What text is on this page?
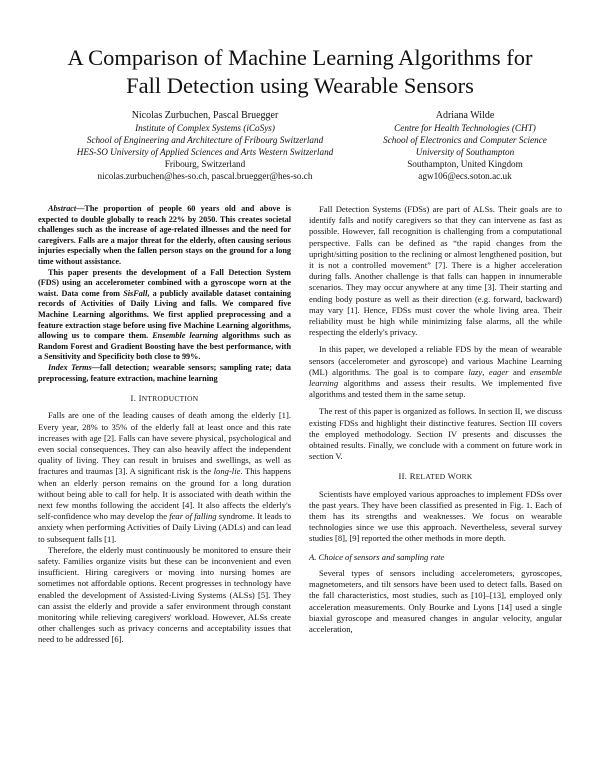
A Comparison of Machine Learning Algorithms for
Fall Detection using Wearable Sensors
Nicolas Zurbuchen, Pascal Bruegger
Institute of Complex Systems (iCoSys)
School of Engineering and Architecture of Fribourg Switzerland
HES-SO University of Applied Sciences and Arts Western Switzerland
Fribourg, Switzerland
nicolas.zurbuchen@hes-so.ch, pascal.bruegger@hes-so.ch
Adriana Wilde
Centre for Health Technologies (CHT)
School of Electronics and Computer Science
University of Southampton
Southampton, United Kingdom
agw106@ecs.soton.ac.uk

Abstract—The proportion of people 60 years old and above is expected to double globally to reach 22% by 2050. This creates societal challenges such as the increase of age-related illnesses and the need for caregivers. Falls are a major threat for the elderly, often causing serious injuries especially when the fallen person stays on the ground for a long time without assistance.

This paper presents the development of a Fall Detection System (FDS) using an accelerometer combined with a gyroscope worn at the waist. Data come from SisFall, a publicly available dataset containing records of Activities of Daily Living and falls. We compared five Machine Learning algorithms. We first applied preprocessing and a feature extraction stage before using five Machine Learning algorithms, allowing us to compare them. Ensemble learning algorithms such as Random Forest and Gradient Boosting have the best performance, with a Sensitivity and Specificity both close to 99%.

Index Terms—fall detection; wearable sensors; sampling rate; data preprocessing, feature extraction, machine learning

I. INTRODUCTION

Falls are one of the leading causes of death among the elderly [1]. Every year, 28% to 35% of the elderly fall at least once and this rate increases with age [2]. Falls can have severe physical, psychological and even social consequences. They can also heavily affect the independent quality of living. They can result in bruises and swellings, as well as fractures and traumas [3]. A significant risk is the long-lie. This happens when an elderly person remains on the ground for a long duration without being able to call for help. It is associated with death within the next few months following the accident [4]. It also affects the elderly's self-confidence who may develop the fear of falling syndrome. It leads to anxiety when performing Activities of Daily Living (ADLs) and can lead to subsequent falls [1].

Therefore, the elderly must continuously be monitored to ensure their safety. Families organize visits but these can be inconvenient and even insufficient. Hiring caregivers or moving into nursing homes are sometimes not affordable options. Recent progresses in technology have enabled the development of Assisted-Living Systems (ALSs) [5]. They can assist the elderly and provide a safer environment through constant monitoring while relieving caregivers' workload. However, ALSs create other challenges such as privacy concerns and acceptability issues that need to be addressed [6].

Fall Detection Systems (FDSs) are part of ALSs. Their goals are to identify falls and notify caregivers so that they can intervene as fast as possible. However, fall recognition is challenging from a computational perspective. Falls can be defined as “the rapid changes from the upright/sitting position to the reclining or almost lengthened position, but it is not a controlled movement” [7]. There is a higher acceleration during falls. Another challenge is that falls can happen in innumerable scenarios. They may occur anywhere at any time [3]. Their starting and ending body posture as well as their direction (e.g. forward, backward) may vary [1]. Hence, FDSs must cover the whole living area. Their reliability must be high while minimizing false alarms, all the while respecting the elderly's privacy.

In this paper, we developed a reliable FDS by the mean of wearable sensors (accelerometer and gyroscope) and various Machine Learning (ML) algorithms. The goal is to compare lazy, eager and ensemble learning algorithms and assess their results. We implemented five algorithms and tested them in the same setup.

The rest of this paper is organized as follows. In section II, we discuss existing FDSs and highlight their distinctive features. Section III covers the employed methodology. Section IV presents and discusses the obtained results. Finally, we conclude with a comment on future work in section V.

II. RELATED WORK

Scientists have employed various approaches to implement FDSs over the past years. They have been classified as presented in Fig. 1. Each of them has its strengths and weaknesses. We focus on wearable technologies since we use this approach. Nevertheless, several survey studies [8], [9] reported the other methods in more depth.

A. Choice of sensors and sampling rate

Several types of sensors including accelerometers, gyroscopes, magnetometers, and tilt sensors have been used to detect falls. Based on the fall characteristics, most studies, such as [10]–[13], employed only acceleration measurements. Only Bourke and Lyons [14] used a single biaxial gyroscope and measured changes in angular velocity, angular acceleration,
